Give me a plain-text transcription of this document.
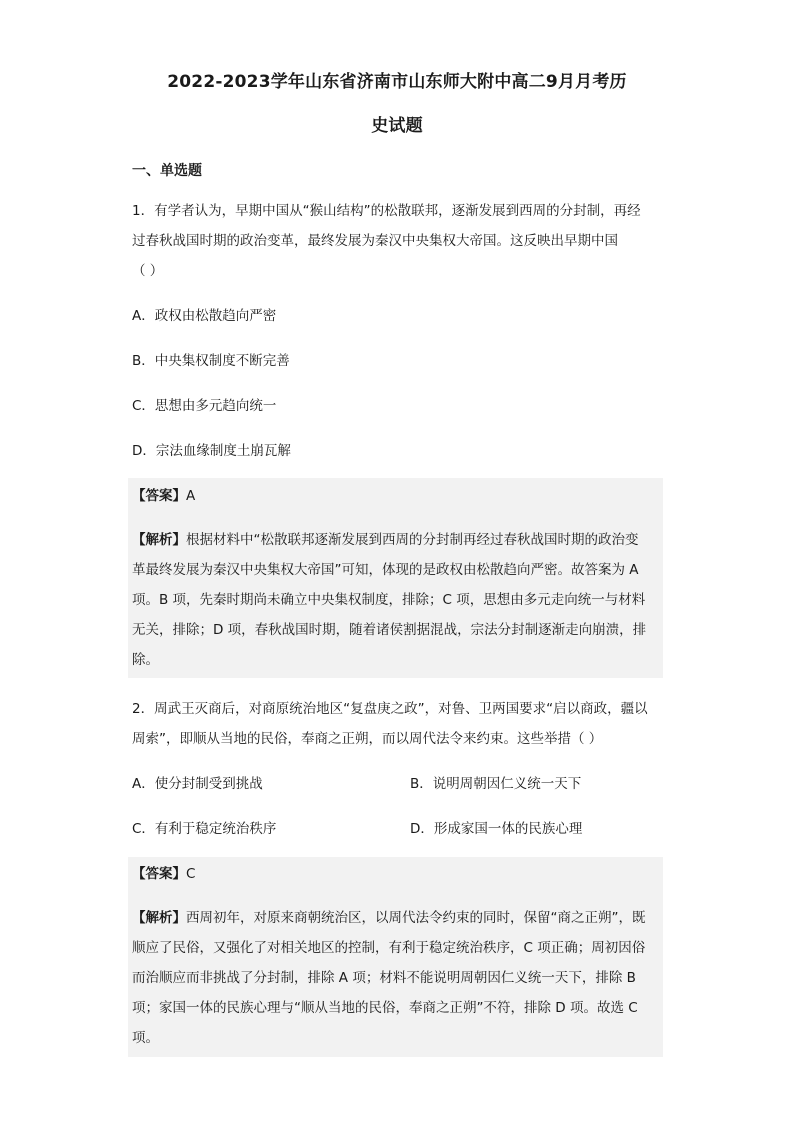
2022-2023学年山东省济南市山东师大附中高二9月月考历
史试题
一、单选题
1．有学者认为，早期中国从“猴山结构”的松散联邦，逐渐发展到西周的分封制，再经
过春秋战国时期的政治变革，最终发展为秦汉中央集权大帝国。这反映出早期中国
（ ）
A．政权由松散趋向严密
B．中央集权制度不断完善
C．思想由多元趋向统一
D．宗法血缘制度土崩瓦解
【答案】A
【解析】根据材料中“松散联邦逐渐发展到西周的分封制再经过春秋战国时期的政治变
革最终发展为秦汉中央集权大帝国”可知，体现的是政权由松散趋向严密。故答案为 A
项。B 项，先秦时期尚未确立中央集权制度，排除；C 项，思想由多元走向统一与材料
无关，排除；D 项，春秋战国时期，随着诸侯割据混战，宗法分封制逐渐走向崩溃，排
除。
2．周武王灭商后，对商原统治地区“复盘庚之政”，对鲁、卫两国要求“启以商政，疆以
周索”，即顺从当地的民俗，奉商之正朔，而以周代法令来约束。这些举措（ ）
A．使分封制受到挑战	B．说明周朝因仁义统一天下
C．有利于稳定统治秩序	D．形成家国一体的民族心理
【答案】C
【解析】西周初年，对原来商朝统治区，以周代法令约束的同时，保留“商之正朔”，既
顺应了民俗，又强化了对相关地区的控制，有利于稳定统治秩序，C 项正确；周初因俗
而治顺应而非挑战了分封制，排除 A 项；材料不能说明周朝因仁义统一天下，排除 B
项；家国一体的民族心理与“顺从当地的民俗，奉商之正朔”不符，排除 D 项。故选 C
项。
